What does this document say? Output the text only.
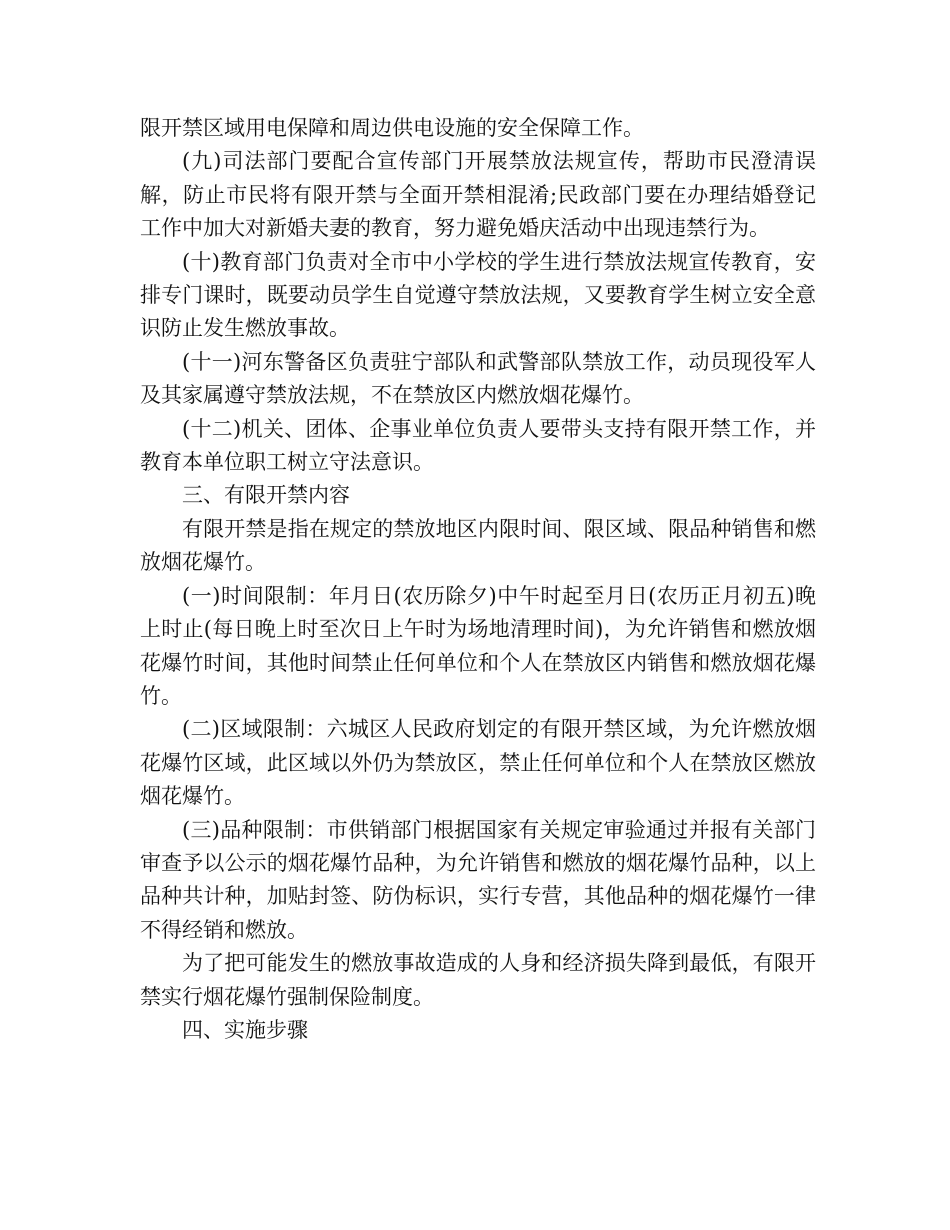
限开禁区域用电保障和周边供电设施的安全保障工作。

(九)司法部门要配合宣传部门开展禁放法规宣传，帮助市民澄清误解，防止市民将有限开禁与全面开禁相混淆;民政部门要在办理结婚登记工作中加大对新婚夫妻的教育，努力避免婚庆活动中出现违禁行为。

(十)教育部门负责对全市中小学校的学生进行禁放法规宣传教育，安排专门课时，既要动员学生自觉遵守禁放法规，又要教育学生树立安全意识防止发生燃放事故。

(十一)河东警备区负责驻宁部队和武警部队禁放工作，动员现役军人及其家属遵守禁放法规，不在禁放区内燃放烟花爆竹。

(十二)机关、团体、企事业单位负责人要带头支持有限开禁工作，并教育本单位职工树立守法意识。

三、有限开禁内容

有限开禁是指在规定的禁放地区内限时间、限区域、限品种销售和燃放烟花爆竹。

(一)时间限制：年月日(农历除夕)中午时起至月日(农历正月初五)晚上时止(每日晚上时至次日上午时为场地清理时间)，为允许销售和燃放烟花爆竹时间，其他时间禁止任何单位和个人在禁放区内销售和燃放烟花爆竹。

(二)区域限制：六城区人民政府划定的有限开禁区域，为允许燃放烟花爆竹区域，此区域以外仍为禁放区，禁止任何单位和个人在禁放区燃放烟花爆竹。

(三)品种限制：市供销部门根据国家有关规定审验通过并报有关部门审查予以公示的烟花爆竹品种，为允许销售和燃放的烟花爆竹品种，以上品种共计种，加贴封签、防伪标识，实行专营，其他品种的烟花爆竹一律不得经销和燃放。

为了把可能发生的燃放事故造成的人身和经济损失降到最低，有限开禁实行烟花爆竹强制保险制度。

四、实施步骤
